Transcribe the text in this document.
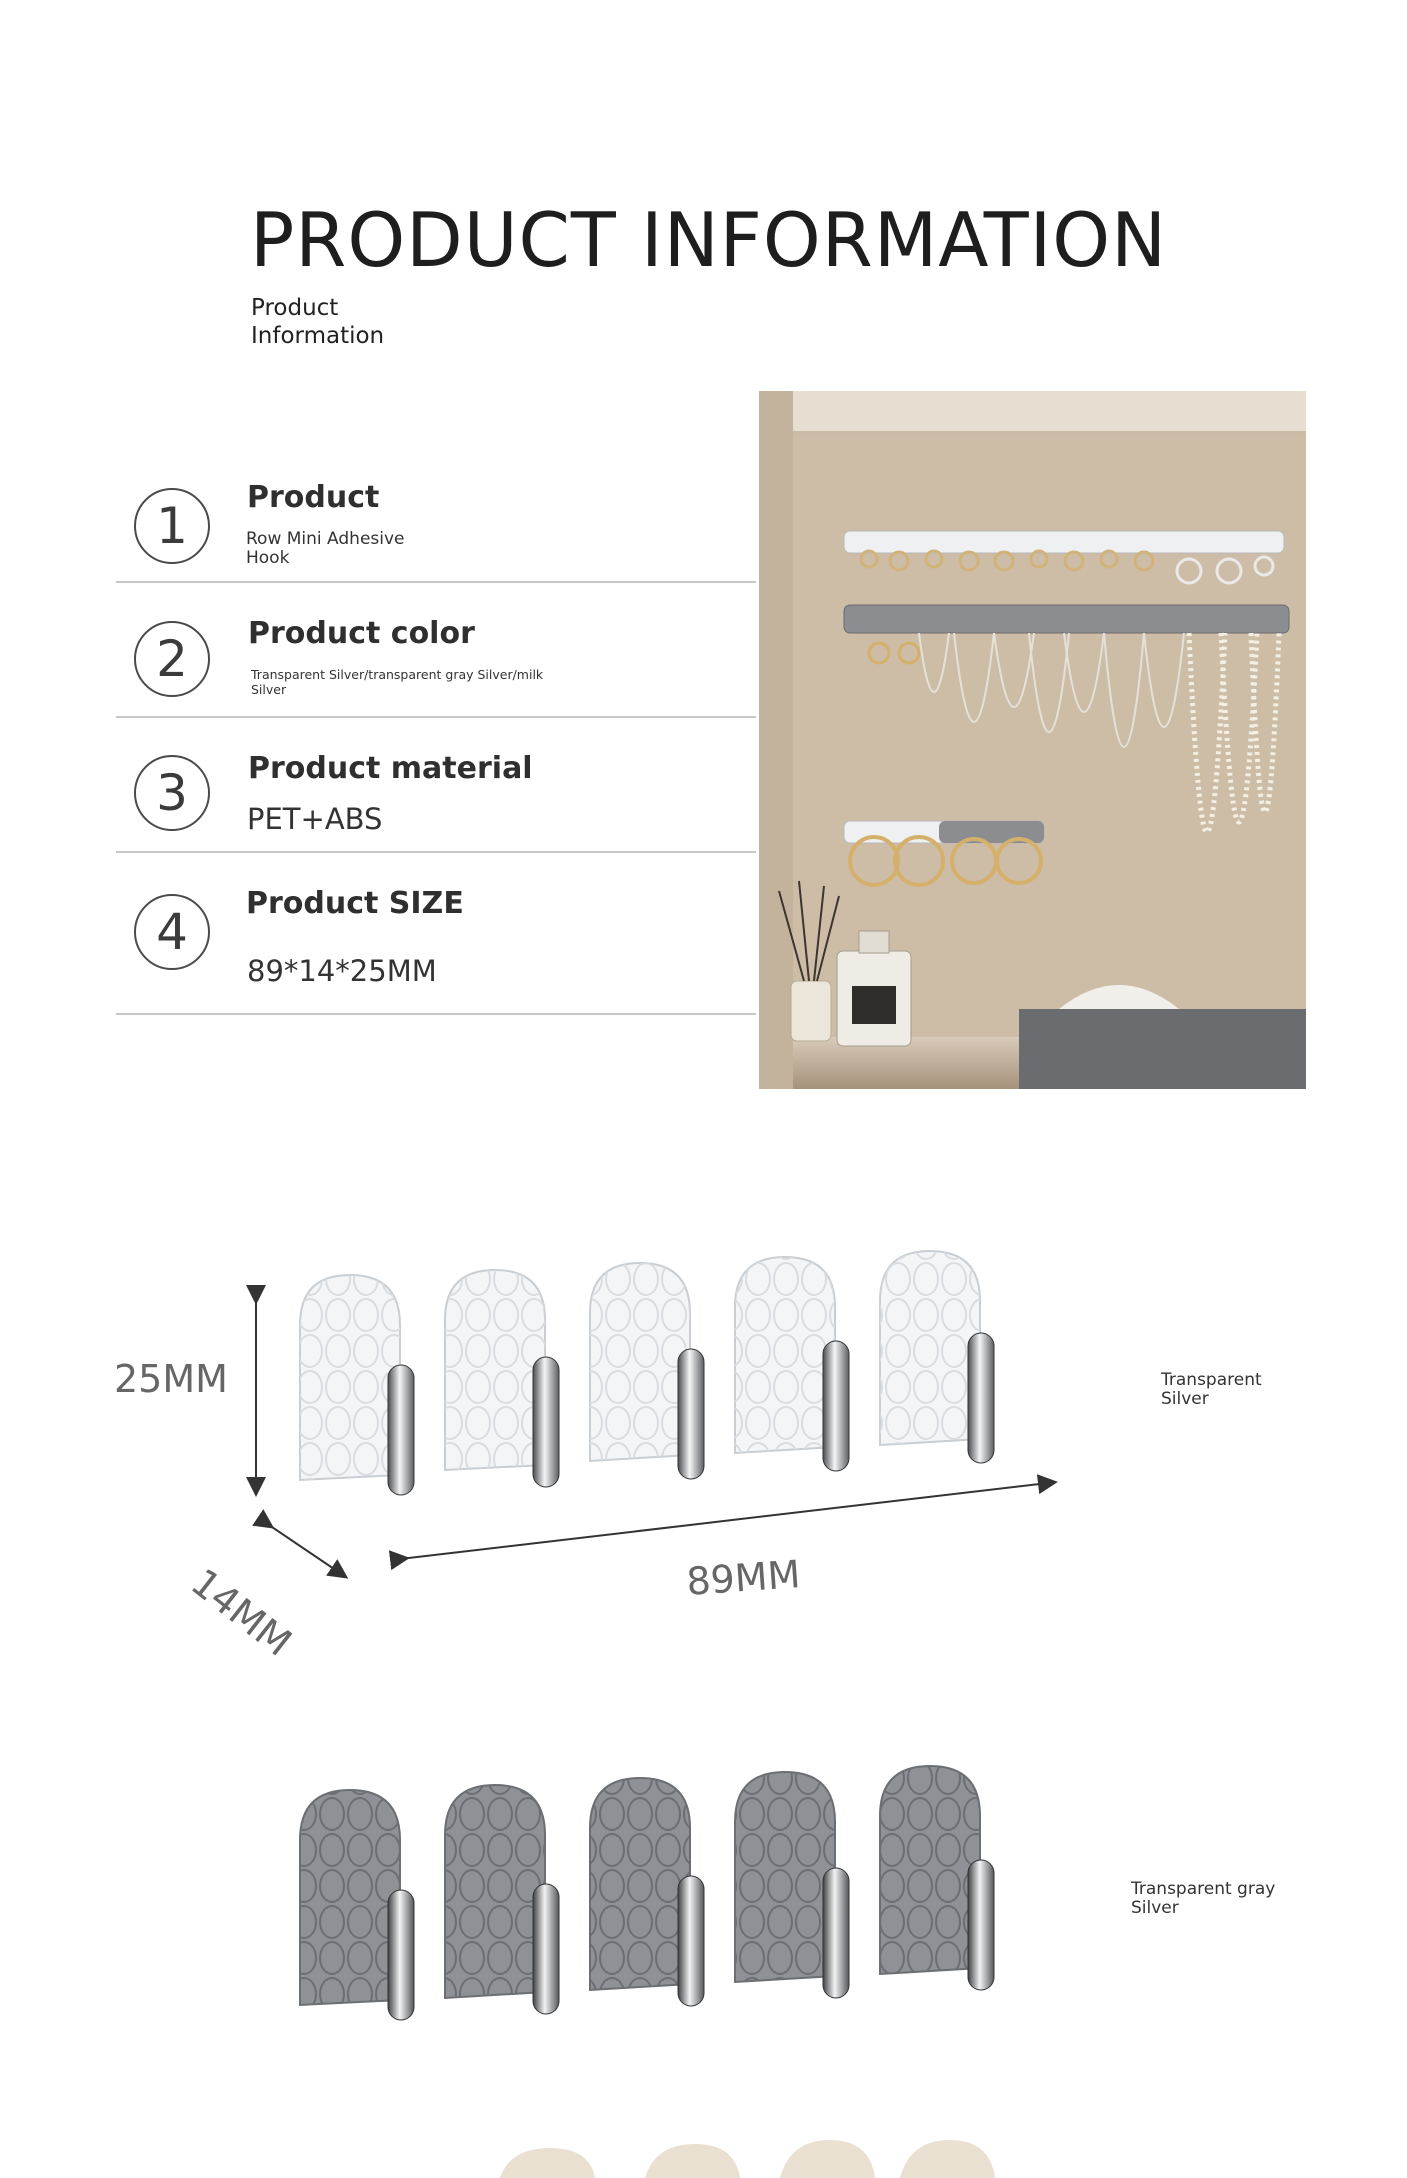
PRODUCT INFORMATION
Product Information
1	Product
Row Mini Adhesive Hook
2	Product color
Transparent Silver/transparent gray Silver/milk Silver
3	Product material
PET+ABS
4	Product SIZE
89*14*25MM
25MM
14MM	89MM
Transparent Silver
Transparent gray Silver
